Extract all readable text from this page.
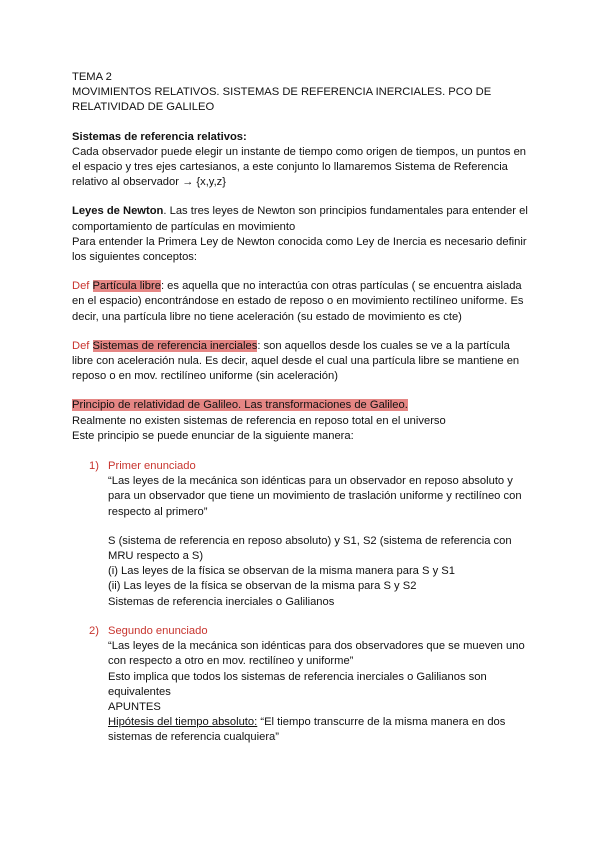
TEMA 2
MOVIMIENTOS RELATIVOS. SISTEMAS DE REFERENCIA INERCIALES. PCO DE
RELATIVIDAD DE GALILEO
Sistemas de referencia relativos:
Cada observador puede elegir un instante de tiempo como origen de tiempos, un puntos en
el espacio y tres ejes cartesianos, a este conjunto lo llamaremos Sistema de Referencia
relativo al observador → {x,y,z}
Leyes de Newton. Las tres leyes de Newton son principios fundamentales para entender el
comportamiento de partículas en movimiento
Para entender la Primera Ley de Newton conocida como Ley de Inercia es necesario definir
los siguientes conceptos:
Def Partícula libre: es aquella que no interactúa con otras partículas ( se encuentra aislada
en el espacio) encontrándose en estado de reposo o en movimiento rectilíneo uniforme. Es
decir, una partícula libre no tiene aceleración (su estado de movimiento es cte)
Def Sistemas de referencia inerciales: son aquellos desde los cuales se ve a la partícula
libre con aceleración nula. Es decir, aquel desde el cual una partícula libre se mantiene en
reposo o en mov. rectilíneo uniforme (sin aceleración)
Principio de relatividad de Galileo. Las transformaciones de Galileo.
Realmente no existen sistemas de referencia en reposo total en el universo
Este principio se puede enunciar de la siguiente manera:
1) Primer enunciado
“Las leyes de la mecánica son idénticas para un observador en reposo absoluto y
para un observador que tiene un movimiento de traslación uniforme y rectilíneo con
respecto al primero”
S (sistema de referencia en reposo absoluto) y S1, S2 (sistema de referencia con
MRU respecto a S)
(i) Las leyes de la física se observan de la misma manera para S y S1
(ii) Las leyes de la física se observan de la misma para S y S2
Sistemas de referencia inerciales o Galilianos
2) Segundo enunciado
“Las leyes de la mecánica son idénticas para dos observadores que se mueven uno
con respecto a otro en mov. rectilíneo y uniforme”
Esto implica que todos los sistemas de referencia inerciales o Galilianos son
equivalentes
APUNTES
Hipótesis del tiempo absoluto: “El tiempo transcurre de la misma manera en dos
sistemas de referencia cualquiera”
